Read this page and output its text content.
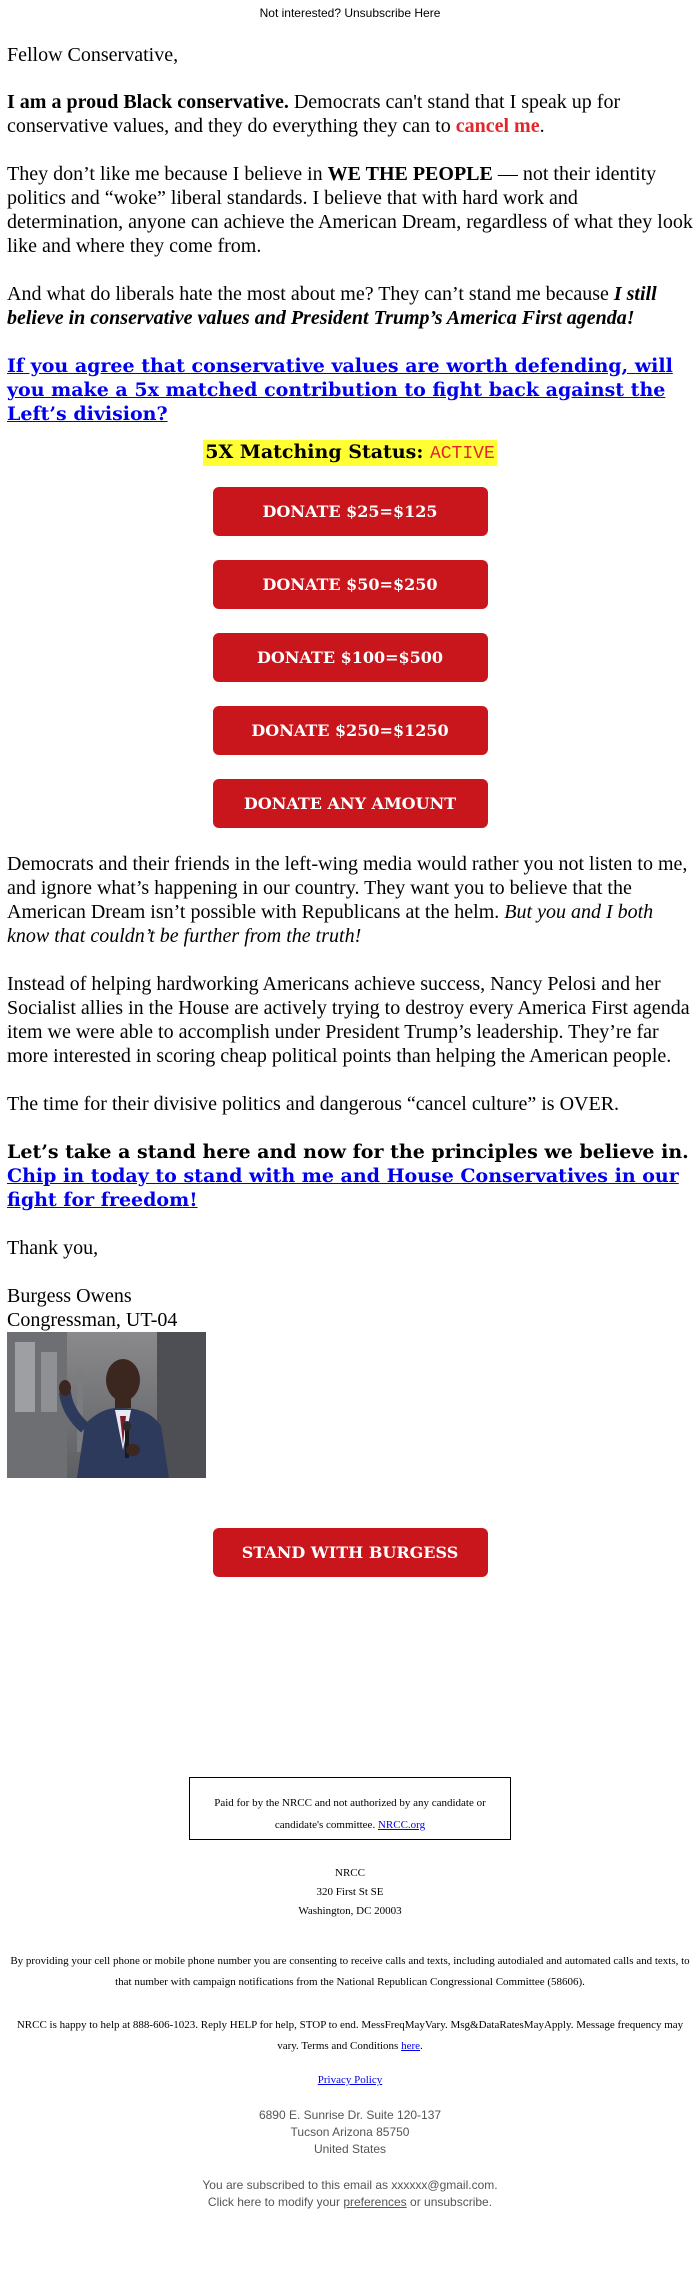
Not interested? Unsubscribe Here

Fellow Conservative,

I am a proud Black conservative. Democrats can't stand that I speak up for conservative values, and they do everything they can to cancel me.

They don’t like me because I believe in WE THE PEOPLE — not their identity politics and “woke” liberal standards. I believe that with hard work and determination, anyone can achieve the American Dream, regardless of what they look like and where they come from.

And what do liberals hate the most about me? They can’t stand me because I still believe in conservative values and President Trump’s America First agenda!

If you agree that conservative values are worth defending, will you make a 5x matched contribution to fight back against the Left’s division?

5X Matching Status: ACTIVE
DONATE $25=$125
DONATE $50=$250
DONATE $100=$500
DONATE $250=$1250
DONATE ANY AMOUNT

Democrats and their friends in the left-wing media would rather you not listen to me, and ignore what’s happening in our country. They want you to believe that the American Dream isn’t possible with Republicans at the helm. But you and I both know that couldn’t be further from the truth!

Instead of helping hardworking Americans achieve success, Nancy Pelosi and her Socialist allies in the House are actively trying to destroy every America First agenda item we were able to accomplish under President Trump’s leadership. They’re far more interested in scoring cheap political points than helping the American people.

The time for their divisive politics and dangerous “cancel culture” is OVER.

Let’s take a stand here and now for the principles we believe in.
Chip in today to stand with me and House Conservatives in our fight for freedom!

Thank you,

Burgess Owens

Congressman, UT-04

STAND WITH BURGESS
Paid for by the NRCC and not authorized by any candidate or candidate's committee. NRCC.org
NRCC
320 First St SE
Washington, DC 20003
By providing your cell phone or mobile phone number you are consenting to receive calls and texts, including autodialed and automated calls and texts, to that number with campaign notifications from the National Republican Congressional Committee (58606).
NRCC is happy to help at 888-606-1023. Reply HELP for help, STOP to end. MessFreqMayVary. Msg&DataRatesMayApply. Message frequency may vary. Terms and Conditions here.
Privacy Policy
6890 E. Sunrise Dr. Suite 120-137
Tucson Arizona 85750
United States
You are subscribed to this email as xxxxxx@gmail.com.
Click here to modify your preferences or unsubscribe.
